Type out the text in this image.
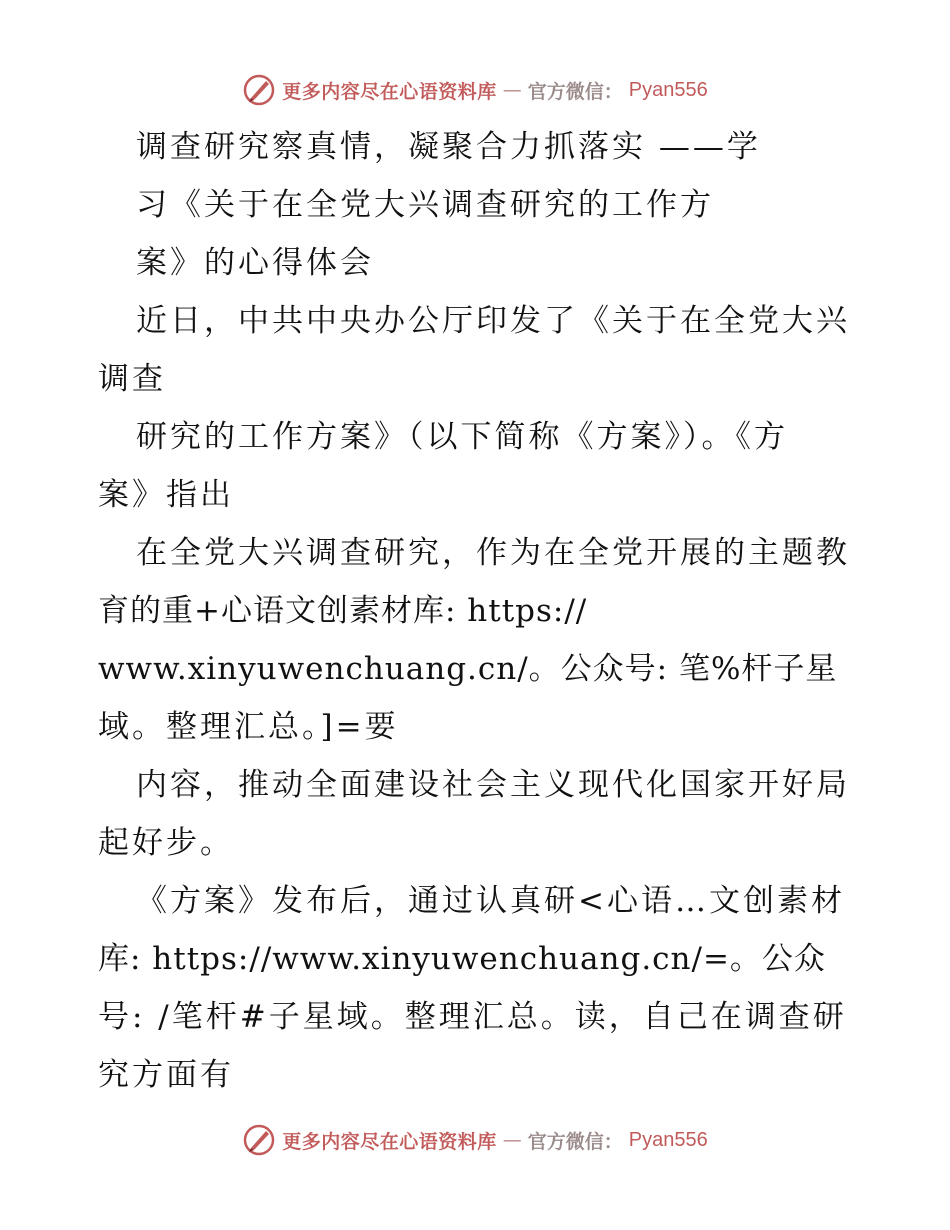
更多内容尽在心语资料库 — 官方微信： Pyan556
调查研究察真情，凝聚合力抓落实 ——学
习《关于在全党大兴调查研究的工作方
案》的心得体会
近日，中共中央办公厅印发了《关于在全党大兴
调查
研究的工作方案》（以下简称《方案》）。《方
案》指出
在全党大兴调查研究，作为在全党开展的主题教
育的重+心语文创素材库: https://
www.xinyuwenchuang.cn/。公众号: 笔%杆子星
域。整理汇总。]=要
内容，推动全面建设社会主义现代化国家开好局
起好步。
《方案》发布后，通过认真研<心语…文创素材
库: https://www.xinyuwenchuang.cn/=。公众
号: /笔杆#子星域。整理汇总。读，自己在调查研
究方面有
更多内容尽在心语资料库 — 官方微信： Pyan556
